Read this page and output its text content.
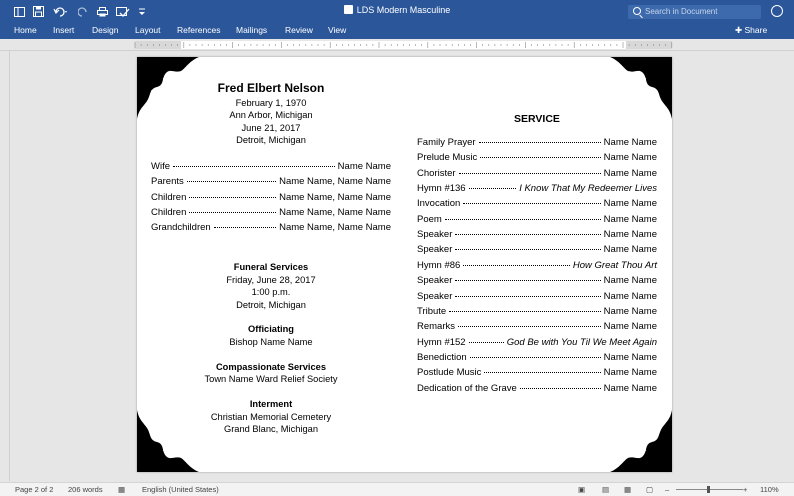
LDS Modern Masculine	Search in Document
Home Insert Design Layout References Mailings Review View	✚ Share
Fred Elbert Nelson
February 1, 1970
Ann Arbor, Michigan
June 21, 2017
Detroit, Michigan
Wife	Name Name
Parents	Name Name, Name Name
Children	Name Name, Name Name
Children	Name Name, Name Name
Grandchildren	Name Name, Name Name
Funeral Services
Friday, June 28, 2017
1:00 p.m.
Detroit, Michigan
Officiating
Bishop Name Name
Compassionate Services
Town Name Ward Relief Society
Interment
Christian Memorial Cemetery
Grand Blanc, Michigan
SERVICE
Family Prayer	Name Name
Prelude Music	Name Name
Chorister	Name Name
Hymn #136	I Know That My Redeemer Lives
Invocation	Name Name
Poem	Name Name
Speaker	Name Name
Speaker	Name Name
Hymn #86	How Great Thou Art
Speaker	Name Name
Speaker	Name Name
Tribute	Name Name
Remarks	Name Name
Hymn #152	God Be with You Til We Meet Again
Benediction	Name Name
Postlude Music	Name Name
Dedication of the Grave	Name Name
Page 2 of 2 206 words ▦ English (United States)	▣ ▤ ▦ ▢ –	+ 110%
